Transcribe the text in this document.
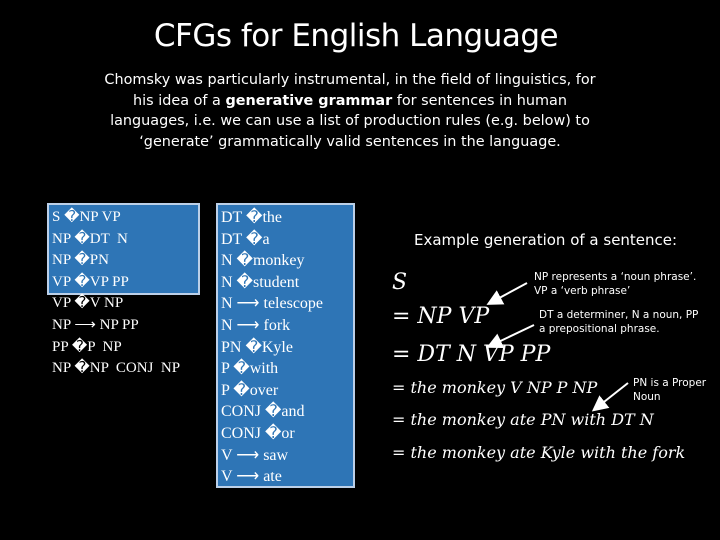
CFGs for English Language
Chomsky was particularly instrumental, in the field of linguistics, for his idea of a generative grammar for sentences in human languages, i.e. we can use a list of production rules (e.g. below) to ‘generate’ grammatically valid sentences in the language.
S �NP VP
NP �DT  N
NP �PN
VP �VP PP
VP �V NP
NP ⟶ NP PP
PP �P  NP
NP �NP  CONJ  NP
DT �the
DT �a
N �monkey
N �student
N ⟶ telescope
N ⟶ fork
PN �Kyle
P �with
P �over
CONJ �and
CONJ �or
V ⟶ saw
V ⟶ ate
Example generation of a sentence:
S
= NP VP
= DT N VP PP
= the monkey V NP P NP
= the monkey ate PN with DT N
= the monkey ate Kyle with the fork
NP represents a ‘noun phrase’. VP a ‘verb phrase’
DT a determiner, N a noun, PP a prepositional phrase.
PN is a Proper Noun
